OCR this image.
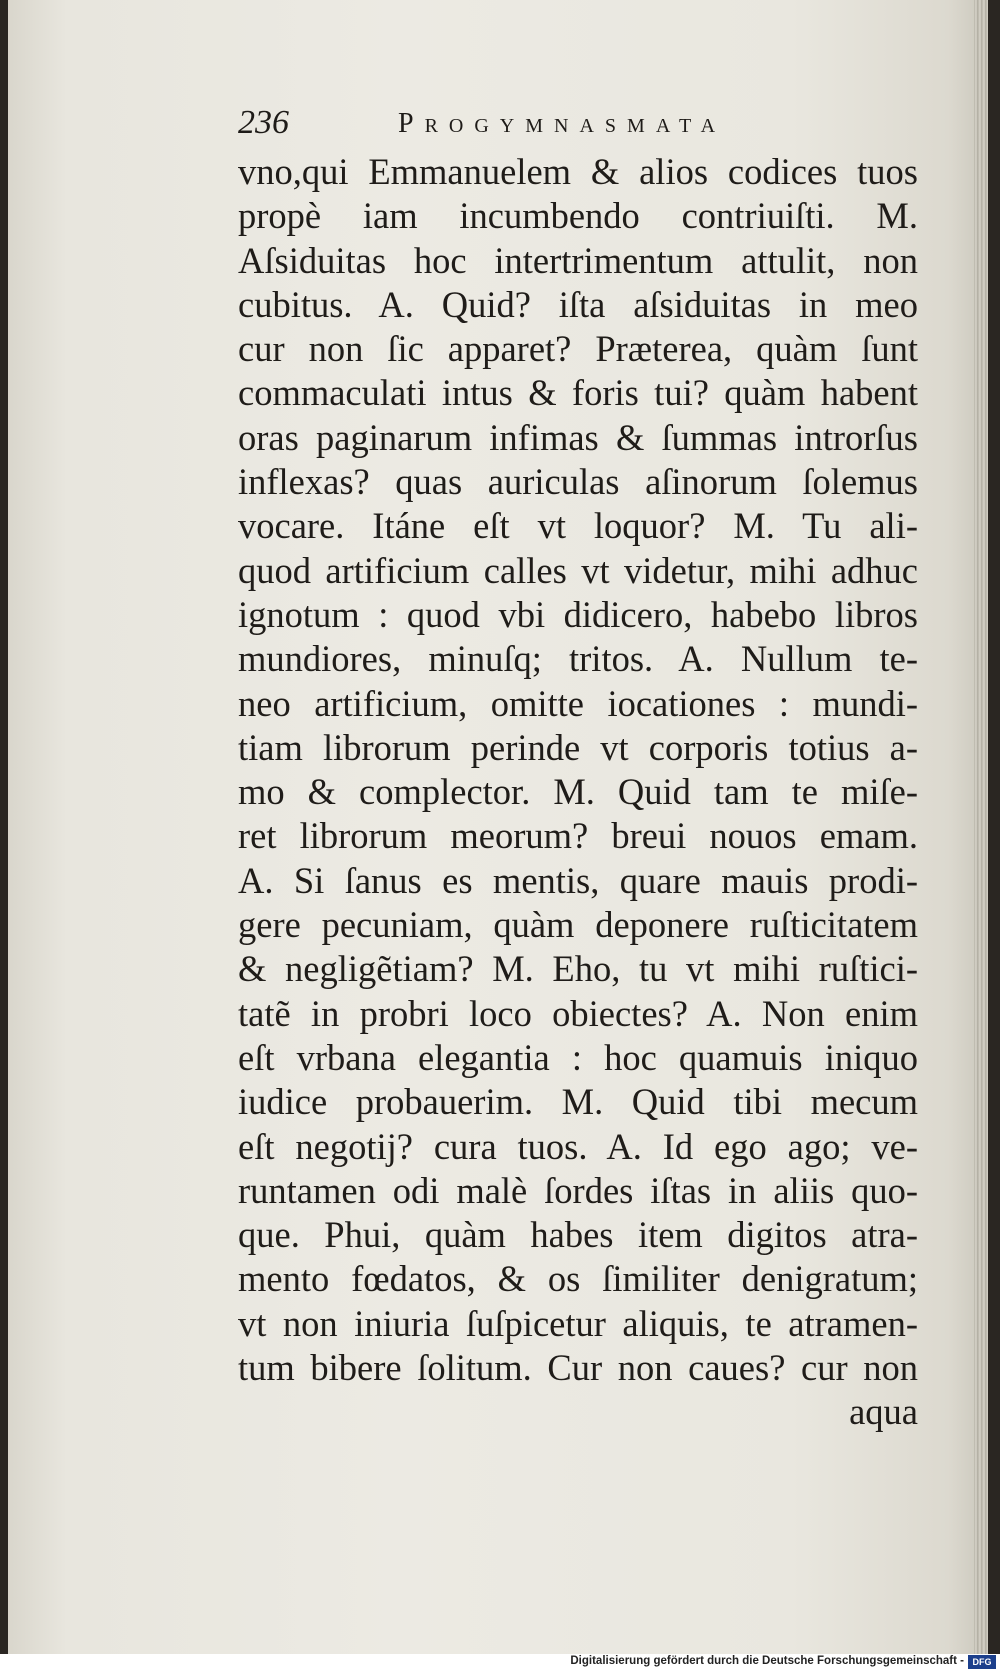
236	Progymnasmata
vno,qui Emmanuelem & alios codices tuos
propè iam incumbendo contriuiſti. M.
Aſsiduitas hoc intertrimentum attulit, non
cubitus. A. Quid? iſta aſsiduitas in meo
cur non ſic apparet? Præterea, quàm ſunt
commaculati intus & foris tui? quàm habent
oras paginarum infimas & ſummas introrſus
inflexas? quas auriculas aſinorum ſolemus
vocare. Itáne eſt vt loquor? M. Tu ali-
quod artificium calles vt videtur, mihi adhuc
ignotum : quod vbi didicero, habebo libros
mundiores, minuſq; tritos. A. Nullum te-
neo artificium, omitte iocationes : mundi-
tiam librorum perinde vt corporis totius a-
mo & complector. M. Quid tam te miſe-
ret librorum meorum? breui nouos emam.
A. Si ſanus es mentis, quare mauis prodi-
gere pecuniam, quàm deponere ruſticitatem
& negligẽtiam? M. Eho, tu vt mihi ruſtici-
tatẽ in probri loco obiectes? A. Non enim
eſt vrbana elegantia : hoc quamuis iniquo
iudice probauerim. M. Quid tibi mecum
eſt negotij? cura tuos. A. Id ego ago; ve-
runtamen odi malè ſordes iſtas in aliis quo-
que. Phui, quàm habes item digitos atra-
mento fœdatos, & os ſimiliter denigratum;
vt non iniuria ſuſpicetur aliquis, te atramen-
tum bibere ſolitum. Cur non caues? cur non
aqua
Digitalisierung gefördert durch die Deutsche Forschungsgemeinschaft - DFG
